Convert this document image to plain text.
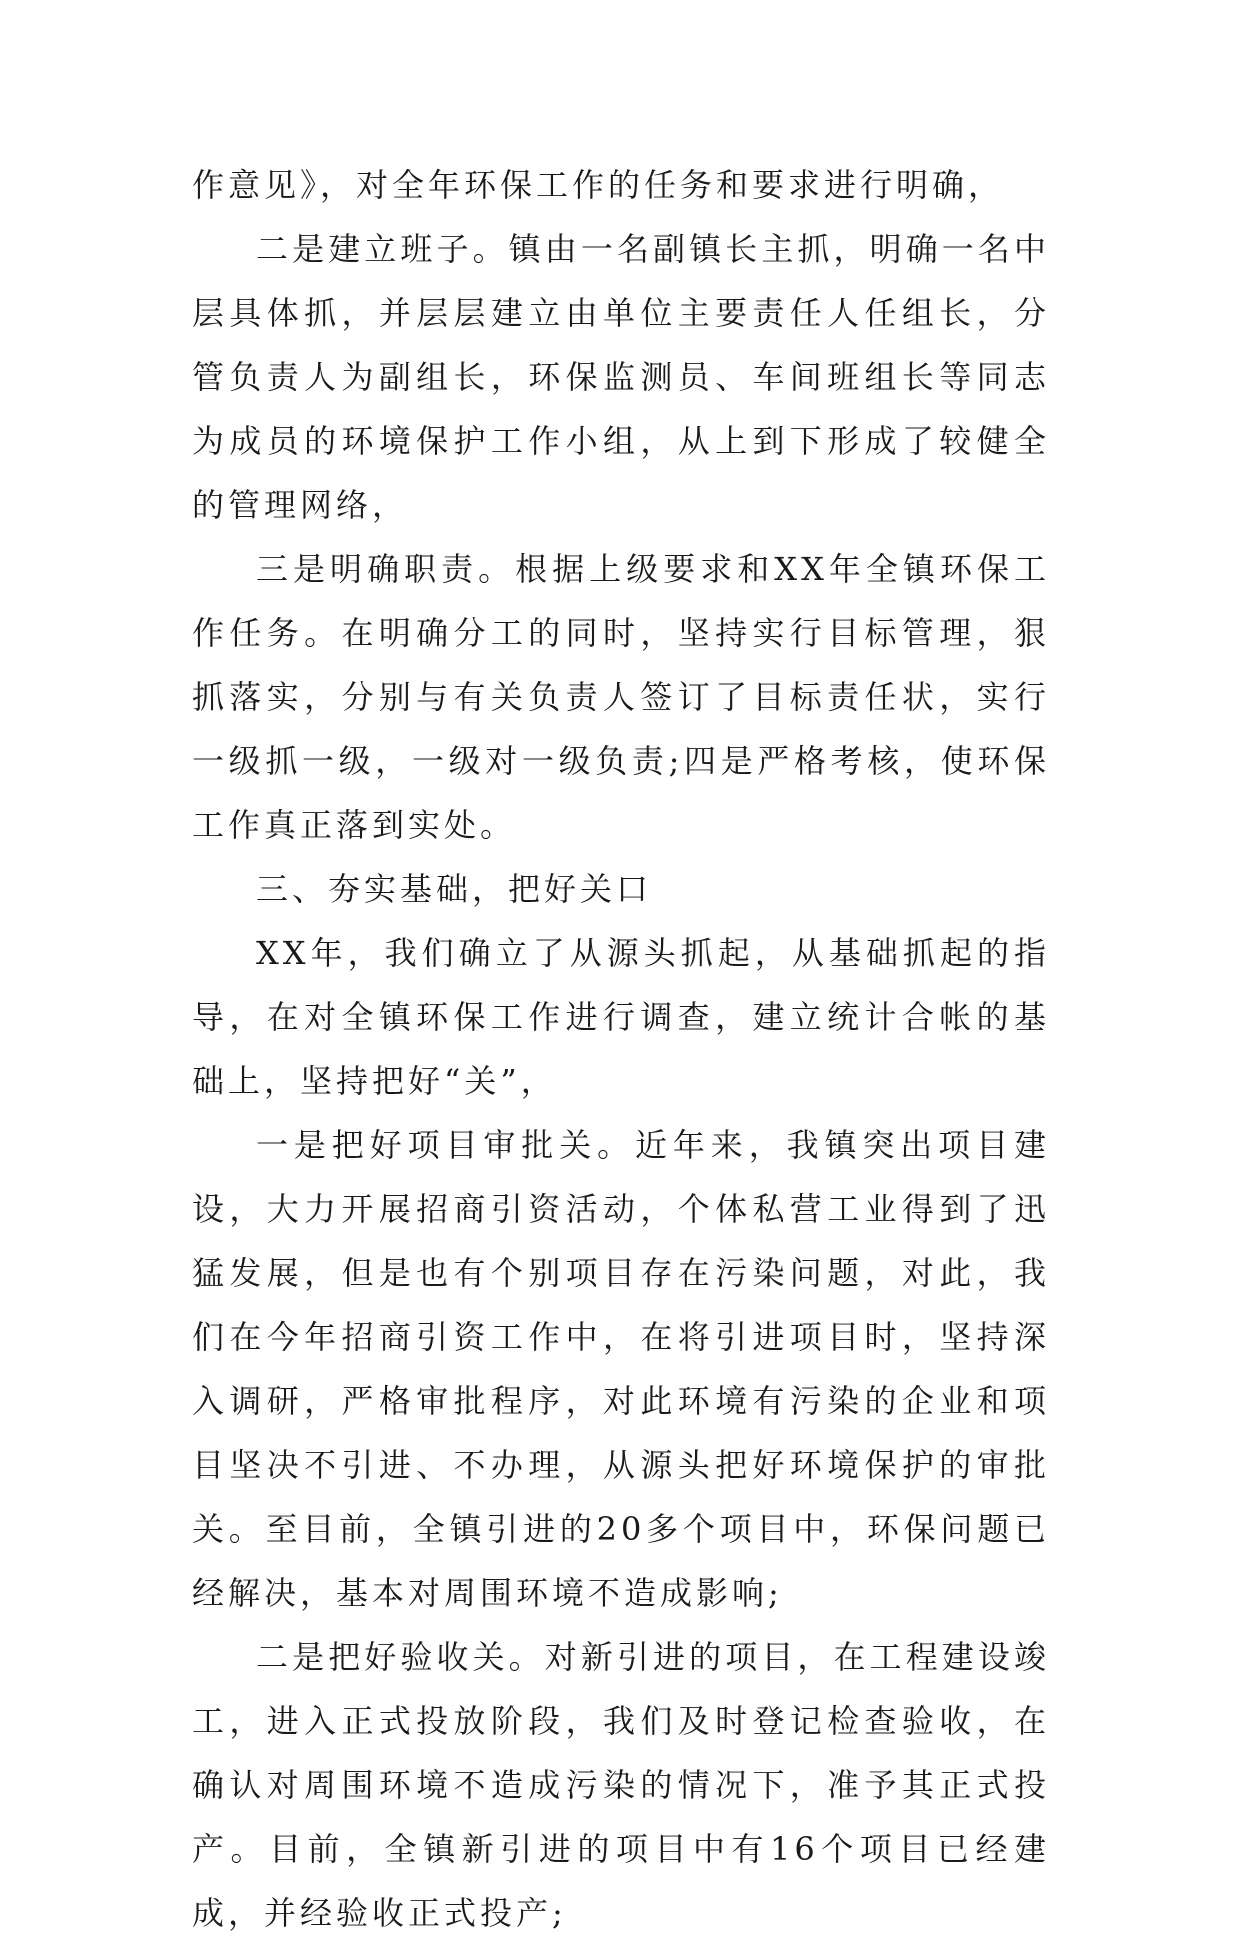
作意见》，对全年环保工作的任务和要求进行明确，

二是建立班子。镇由一名副镇长主抓，明确一名中层具体抓，并层层建立由单位主要责任人任组长，分管负责人为副组长，环保监测员、车间班组长等同志为成员的环境保护工作小组，从上到下形成了较健全的管理网络，

三是明确职责。根据上级要求和XX年全镇环保工作任务。在明确分工的同时，坚持实行目标管理，狠抓落实，分别与有关负责人签订了目标责任状，实行一级抓一级，一级对一级负责;四是严格考核，使环保工作真正落到实处。

三、夯实基础，把好关口

XX年，我们确立了从源头抓起，从基础抓起的指导，在对全镇环保工作进行调查，建立统计合帐的基础上，坚持把好“关”，

一是把好项目审批关。近年来，我镇突出项目建设，大力开展招商引资活动，个体私营工业得到了迅猛发展，但是也有个别项目存在污染问题，对此，我们在今年招商引资工作中，在将引进项目时，坚持深入调研，严格审批程序，对此环境有污染的企业和项目坚决不引进、不办理，从源头把好环境保护的审批关。至目前，全镇引进的20多个项目中，环保问题已经解决，基本对周围环境不造成影响;

二是把好验收关。对新引进的项目，在工程建设竣工，进入正式投放阶段，我们及时登记检查验收，在确认对周围环境不造成污染的情况下，准予其正式投产。目前，全镇新引进的项目中有16个项目已经建成，并经验收正式投产;
